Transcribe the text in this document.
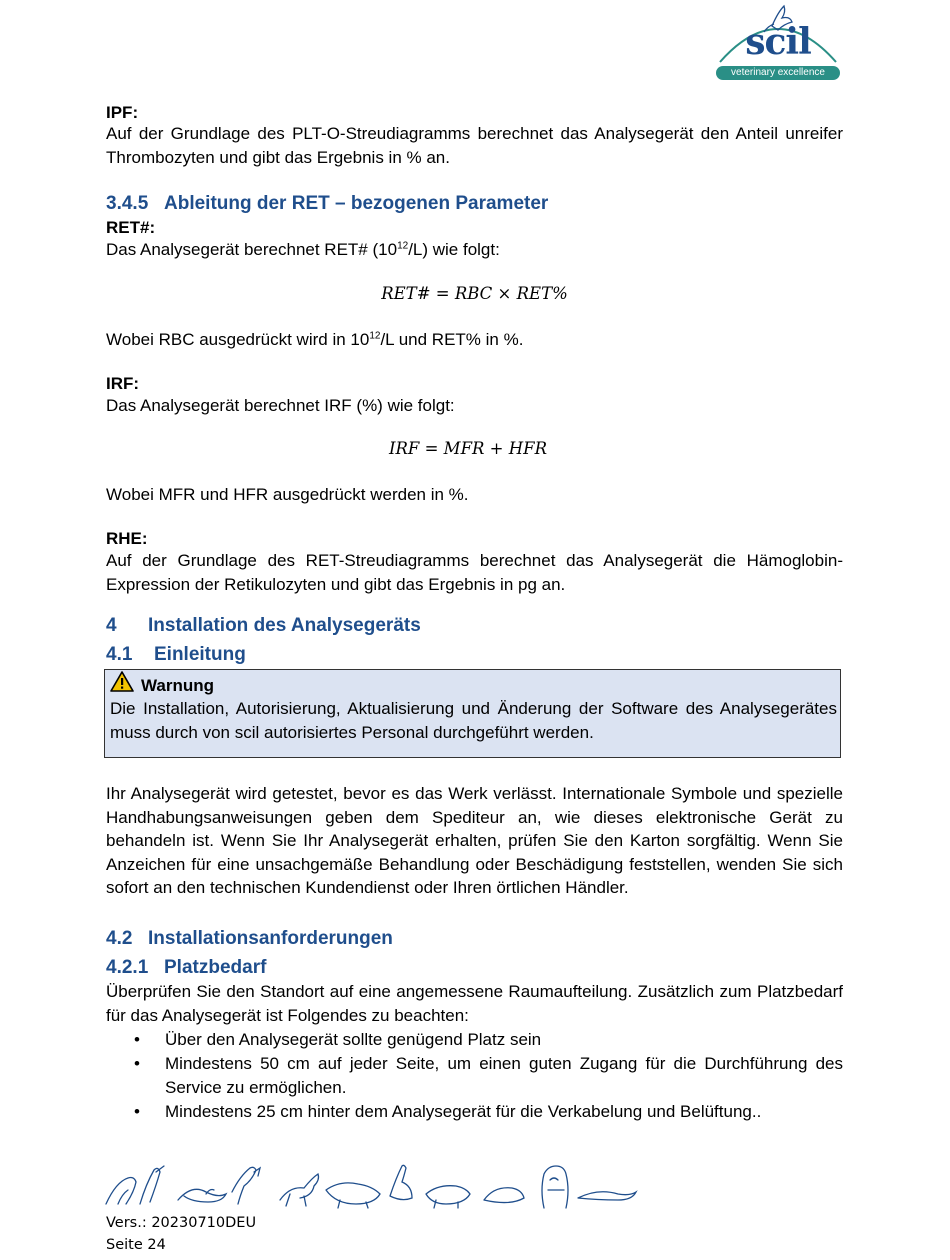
scil
veterinary excellence
IPF:
Auf der Grundlage des PLT-O-Streudiagramms berechnet das Analysegerät den Anteil unreifer Thrombozyten und gibt das Ergebnis in % an.
3.4.5 Ableitung der RET – bezogenen Parameter
RET#:
Das Analysegerät berechnet RET# $(10^{12}/L)$ wie folgt:
RET# = RBC × RET%
Wobei RBC ausgedrückt wird in $10^{12}/L$ und RET% in %.
IRF:
Das Analysegerät berechnet IRF (%) wie folgt:
IRF = MFR + HFR
Wobei MFR und HFR ausgedrückt werden in %.
RHE:
Auf der Grundlage des RET-Streudiagramms berechnet das Analysegerät die Hämoglobin-Expression der Retikulozyten und gibt das Ergebnis in pg an.
4 Installation des Analysegeräts
4.1 Einleitung
Warnung
Die Installation, Autorisierung, Aktualisierung und Änderung der Software des Analysegerätes muss durch von scil autorisiertes Personal durchgeführt werden.
Ihr Analysegerät wird getestet, bevor es das Werk verlässt. Internationale Symbole und spezielle Handhabungsanweisungen geben dem Spediteur an, wie dieses elektronische Gerät zu behandeln ist. Wenn Sie Ihr Analysegerät erhalten, prüfen Sie den Karton sorgfältig. Wenn Sie Anzeichen für eine unsachgemäße Behandlung oder Beschädigung feststellen, wenden Sie sich sofort an den technischen Kundendienst oder Ihren örtlichen Händler.
4.2 Installationsanforderungen
4.2.1 Platzbedarf
Überprüfen Sie den Standort auf eine angemessene Raumaufteilung. Zusätzlich zum Platzbedarf für das Analysegerät ist Folgendes zu beachten:
• Über den Analysegerät sollte genügend Platz sein
• Mindestens 50 cm auf jeder Seite, um einen guten Zugang für die Durchführung des Service zu ermöglichen.
• Mindestens 25 cm hinter dem Analysegerät für die Verkabelung und Belüftung..
Vers.: 20230710DEU
Seite 24
